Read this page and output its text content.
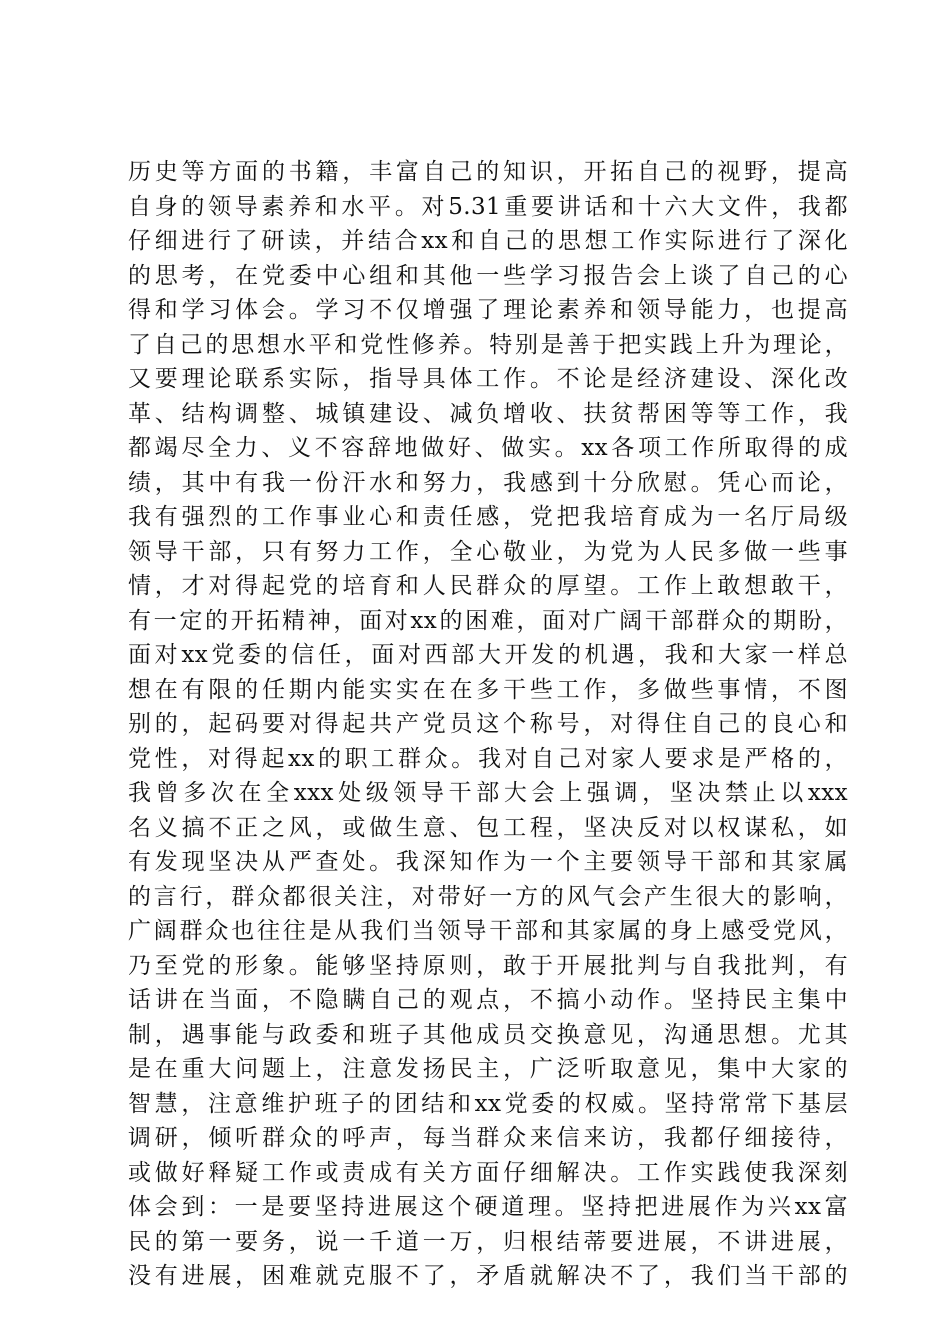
历史等方面的书籍，丰富自己的知识，开拓自己的视野，提高
自身的领导素养和水平。对5.31重要讲话和十六大文件，我都
仔细进行了研读，并结合xx和自己的思想工作实际进行了深化
的思考，在党委中心组和其他一些学习报告会上谈了自己的心
得和学习体会。学习不仅增强了理论素养和领导能力，也提高
了自己的思想水平和党性修养。特别是善于把实践上升为理论，
又要理论联系实际，指导具体工作。不论是经济建设、深化改
革、结构调整、城镇建设、减负增收、扶贫帮困等等工作，我
都竭尽全力、义不容辞地做好、做实。xx各项工作所取得的成
绩，其中有我一份汗水和努力，我感到十分欣慰。凭心而论，
我有强烈的工作事业心和责任感，党把我培育成为一名厅局级
领导干部，只有努力工作，全心敬业，为党为人民多做一些事
情，才对得起党的培育和人民群众的厚望。工作上敢想敢干，
有一定的开拓精神，面对xx的困难，面对广阔干部群众的期盼，
面对xx党委的信任，面对西部大开发的机遇，我和大家一样总
想在有限的任期内能实实在在多干些工作，多做些事情，不图
别的，起码要对得起共产党员这个称号，对得住自己的良心和
党性，对得起xx的职工群众。我对自己对家人要求是严格的，
我曾多次在全xxx处级领导干部大会上强调，坚决禁止以xxx
名义搞不正之风，或做生意、包工程，坚决反对以权谋私，如
有发现坚决从严查处。我深知作为一个主要领导干部和其家属
的言行，群众都很关注，对带好一方的风气会产生很大的影响，
广阔群众也往往是从我们当领导干部和其家属的身上感受党风，
乃至党的形象。能够坚持原则，敢于开展批判与自我批判，有
话讲在当面，不隐瞒自己的观点，不搞小动作。坚持民主集中
制，遇事能与政委和班子其他成员交换意见，沟通思想。尤其
是在重大问题上，注意发扬民主，广泛听取意见，集中大家的
智慧，注意维护班子的团结和xx党委的权威。坚持常常下基层
调研，倾听群众的呼声，每当群众来信来访，我都仔细接待，
或做好释疑工作或责成有关方面仔细解决。工作实践使我深刻
体会到：一是要坚持进展这个硬道理。坚持把进展作为兴xx富
民的第一要务，说一千道一万，归根结蒂要进展，不讲进展，
没有进展，困难就克服不了，矛盾就解决不了，我们当干部的
